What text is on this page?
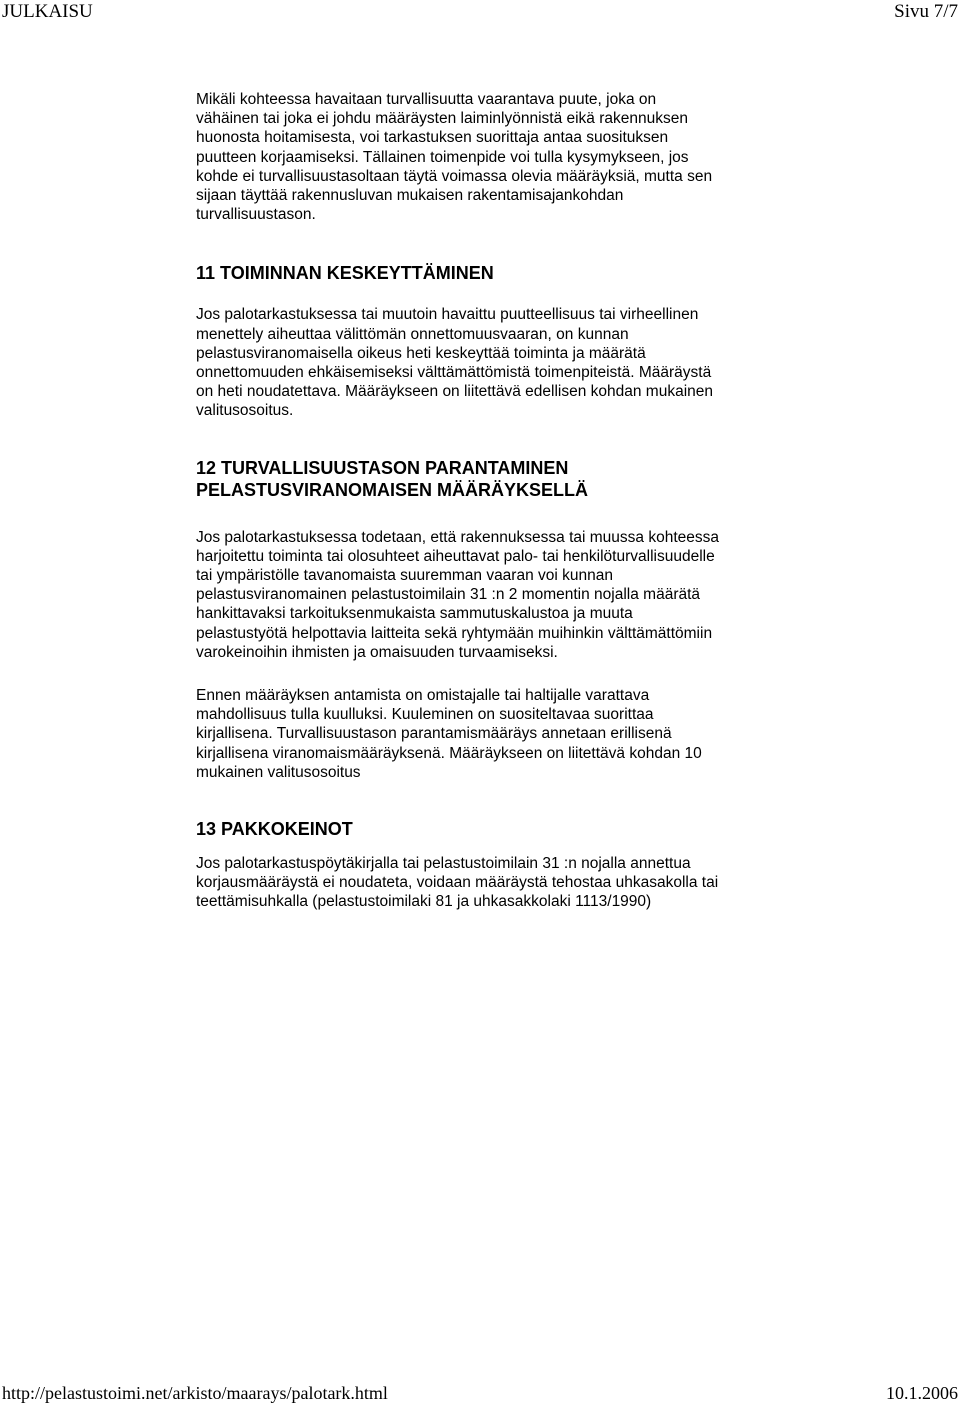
JULKAISU	Sivu 7/7

Mikäli kohteessa havaitaan turvallisuutta vaarantava puute, joka on
vähäinen tai joka ei johdu määräysten laiminlyönnistä eikä rakennuksen
huonosta hoitamisesta, voi tarkastuksen suorittaja antaa suosituksen
puutteen korjaamiseksi. Tällainen toimenpide voi tulla kysymykseen, jos
kohde ei turvallisuustasoltaan täytä voimassa olevia määräyksiä, mutta sen
sijaan täyttää rakennusluvan mukaisen rakentamisajankohdan
turvallisuustason.

11 TOIMINNAN KESKEYTTÄMINEN

Jos palotarkastuksessa tai muutoin havaittu puutteellisuus tai virheellinen
menettely aiheuttaa välittömän onnettomuusvaaran, on kunnan
pelastusviranomaisella oikeus heti keskeyttää toiminta ja määrätä
onnettomuuden ehkäisemiseksi välttämättömistä toimenpiteistä. Määräystä
on heti noudatettava. Määräykseen on liitettävä edellisen kohdan mukainen
valitusosoitus.

12 TURVALLISUUSTASON PARANTAMINEN
PELASTUSVIRANOMAISEN MÄÄRÄYKSELLÄ

Jos palotarkastuksessa todetaan, että rakennuksessa tai muussa kohteessa
harjoitettu toiminta tai olosuhteet aiheuttavat palo- tai henkilöturvallisuudelle
tai ympäristölle tavanomaista suuremman vaaran voi kunnan
pelastusviranomainen pelastustoimilain 31 :n 2 momentin nojalla määrätä
hankittavaksi tarkoituksenmukaista sammutuskalustoa ja muuta
pelastustyötä helpottavia laitteita sekä ryhtymään muihinkin välttämättömiin
varokeinoihin ihmisten ja omaisuuden turvaamiseksi.

Ennen määräyksen antamista on omistajalle tai haltijalle varattava
mahdollisuus tulla kuulluksi. Kuuleminen on suositeltavaa suorittaa
kirjallisena. Turvallisuustason parantamismääräys annetaan erillisenä
kirjallisena viranomaismääräyksenä. Määräykseen on liitettävä kohdan 10
mukainen valitusosoitus

13 PAKKOKEINOT

Jos palotarkastuspöytäkirjalla tai pelastustoimilain 31 :n nojalla annettua
korjausmääräystä ei noudateta, voidaan määräystä tehostaa uhkasakolla tai
teettämisuhkalla (pelastustoimilaki 81 ja uhkasakkolaki 1113/1990)

http://pelastustoimi.net/arkisto/maarays/palotark.html	10.1.2006
